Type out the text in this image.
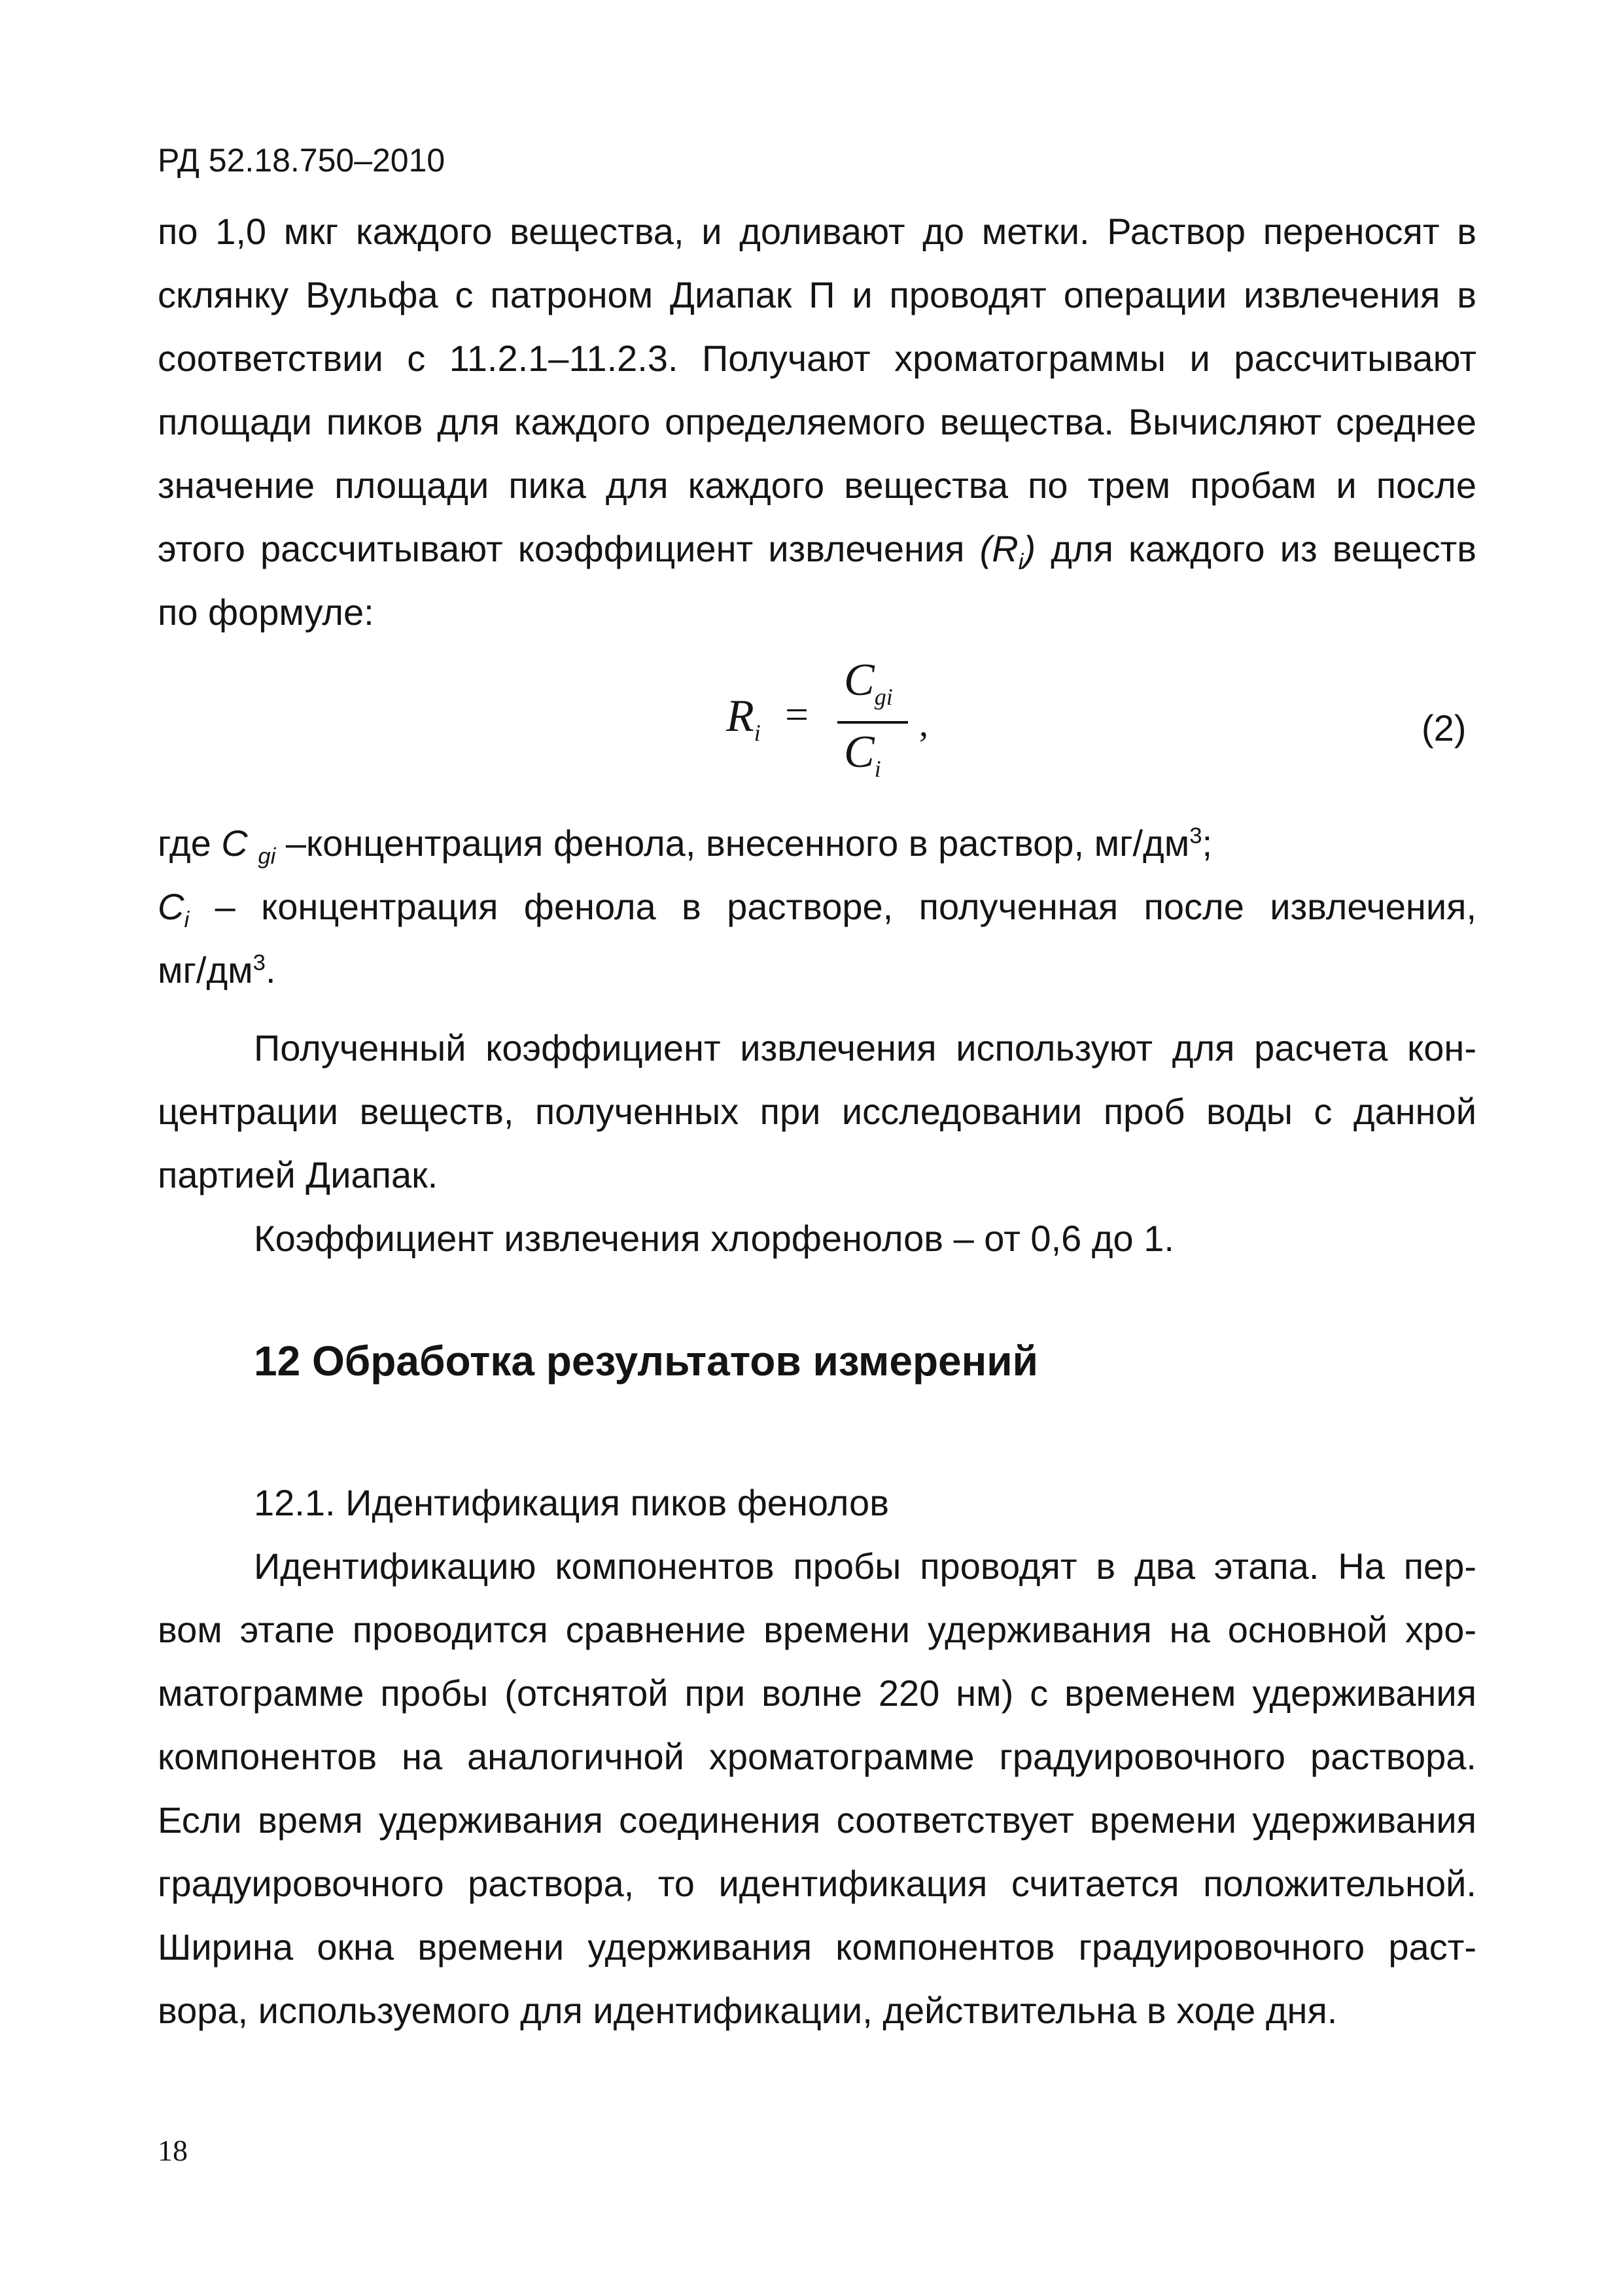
РД 52.18.750–2010
по 1,0 мкг каждого вещества, и доливают до метки. Раствор переносят в
склянку Вульфа с патроном Диапак П и проводят операции извлечения в
соответствии с 11.2.1–11.2.3. Получают хроматограммы и рассчитывают
площади пиков для каждого определяемого вещества. Вычисляют среднее
значение площади пика для каждого вещества по трем пробам и после
этого рассчитывают коэффициент извлечения $(R_i)$ для каждого из веществ
по формуле:
$R_i$ =
$C_{gi}$
$C_i$
,	(2)
где C $_{gi}$ –концентрация фенола, внесенного в раствор, $мг/дм^3$;
$C_i$ – концентрация фенола в растворе, полученная после извлечения,
$мг/дм^3$.
Полученный коэффициент извлечения используют для расчета кон-
центрации веществ, полученных при исследовании проб воды с данной
партией Диапак.
Коэффициент извлечения хлорфенолов – от 0,6 до 1.
12 Обработка результатов измерений
12.1. Идентификация пиков фенолов
Идентификацию компонентов пробы проводят в два этапа. На пер-
вом этапе проводится сравнение времени удерживания на основной хро-
матограмме пробы (отснятой при волне 220 нм) с временем удерживания
компонентов на аналогичной хроматограмме градуировочного раствора.
Если время удерживания соединения соответствует времени удерживания
градуировочного раствора, то идентификация считается положительной.
Ширина окна времени удерживания компонентов градуировочного раст-
вора, используемого для идентификации, действительна в ходе дня.
18
